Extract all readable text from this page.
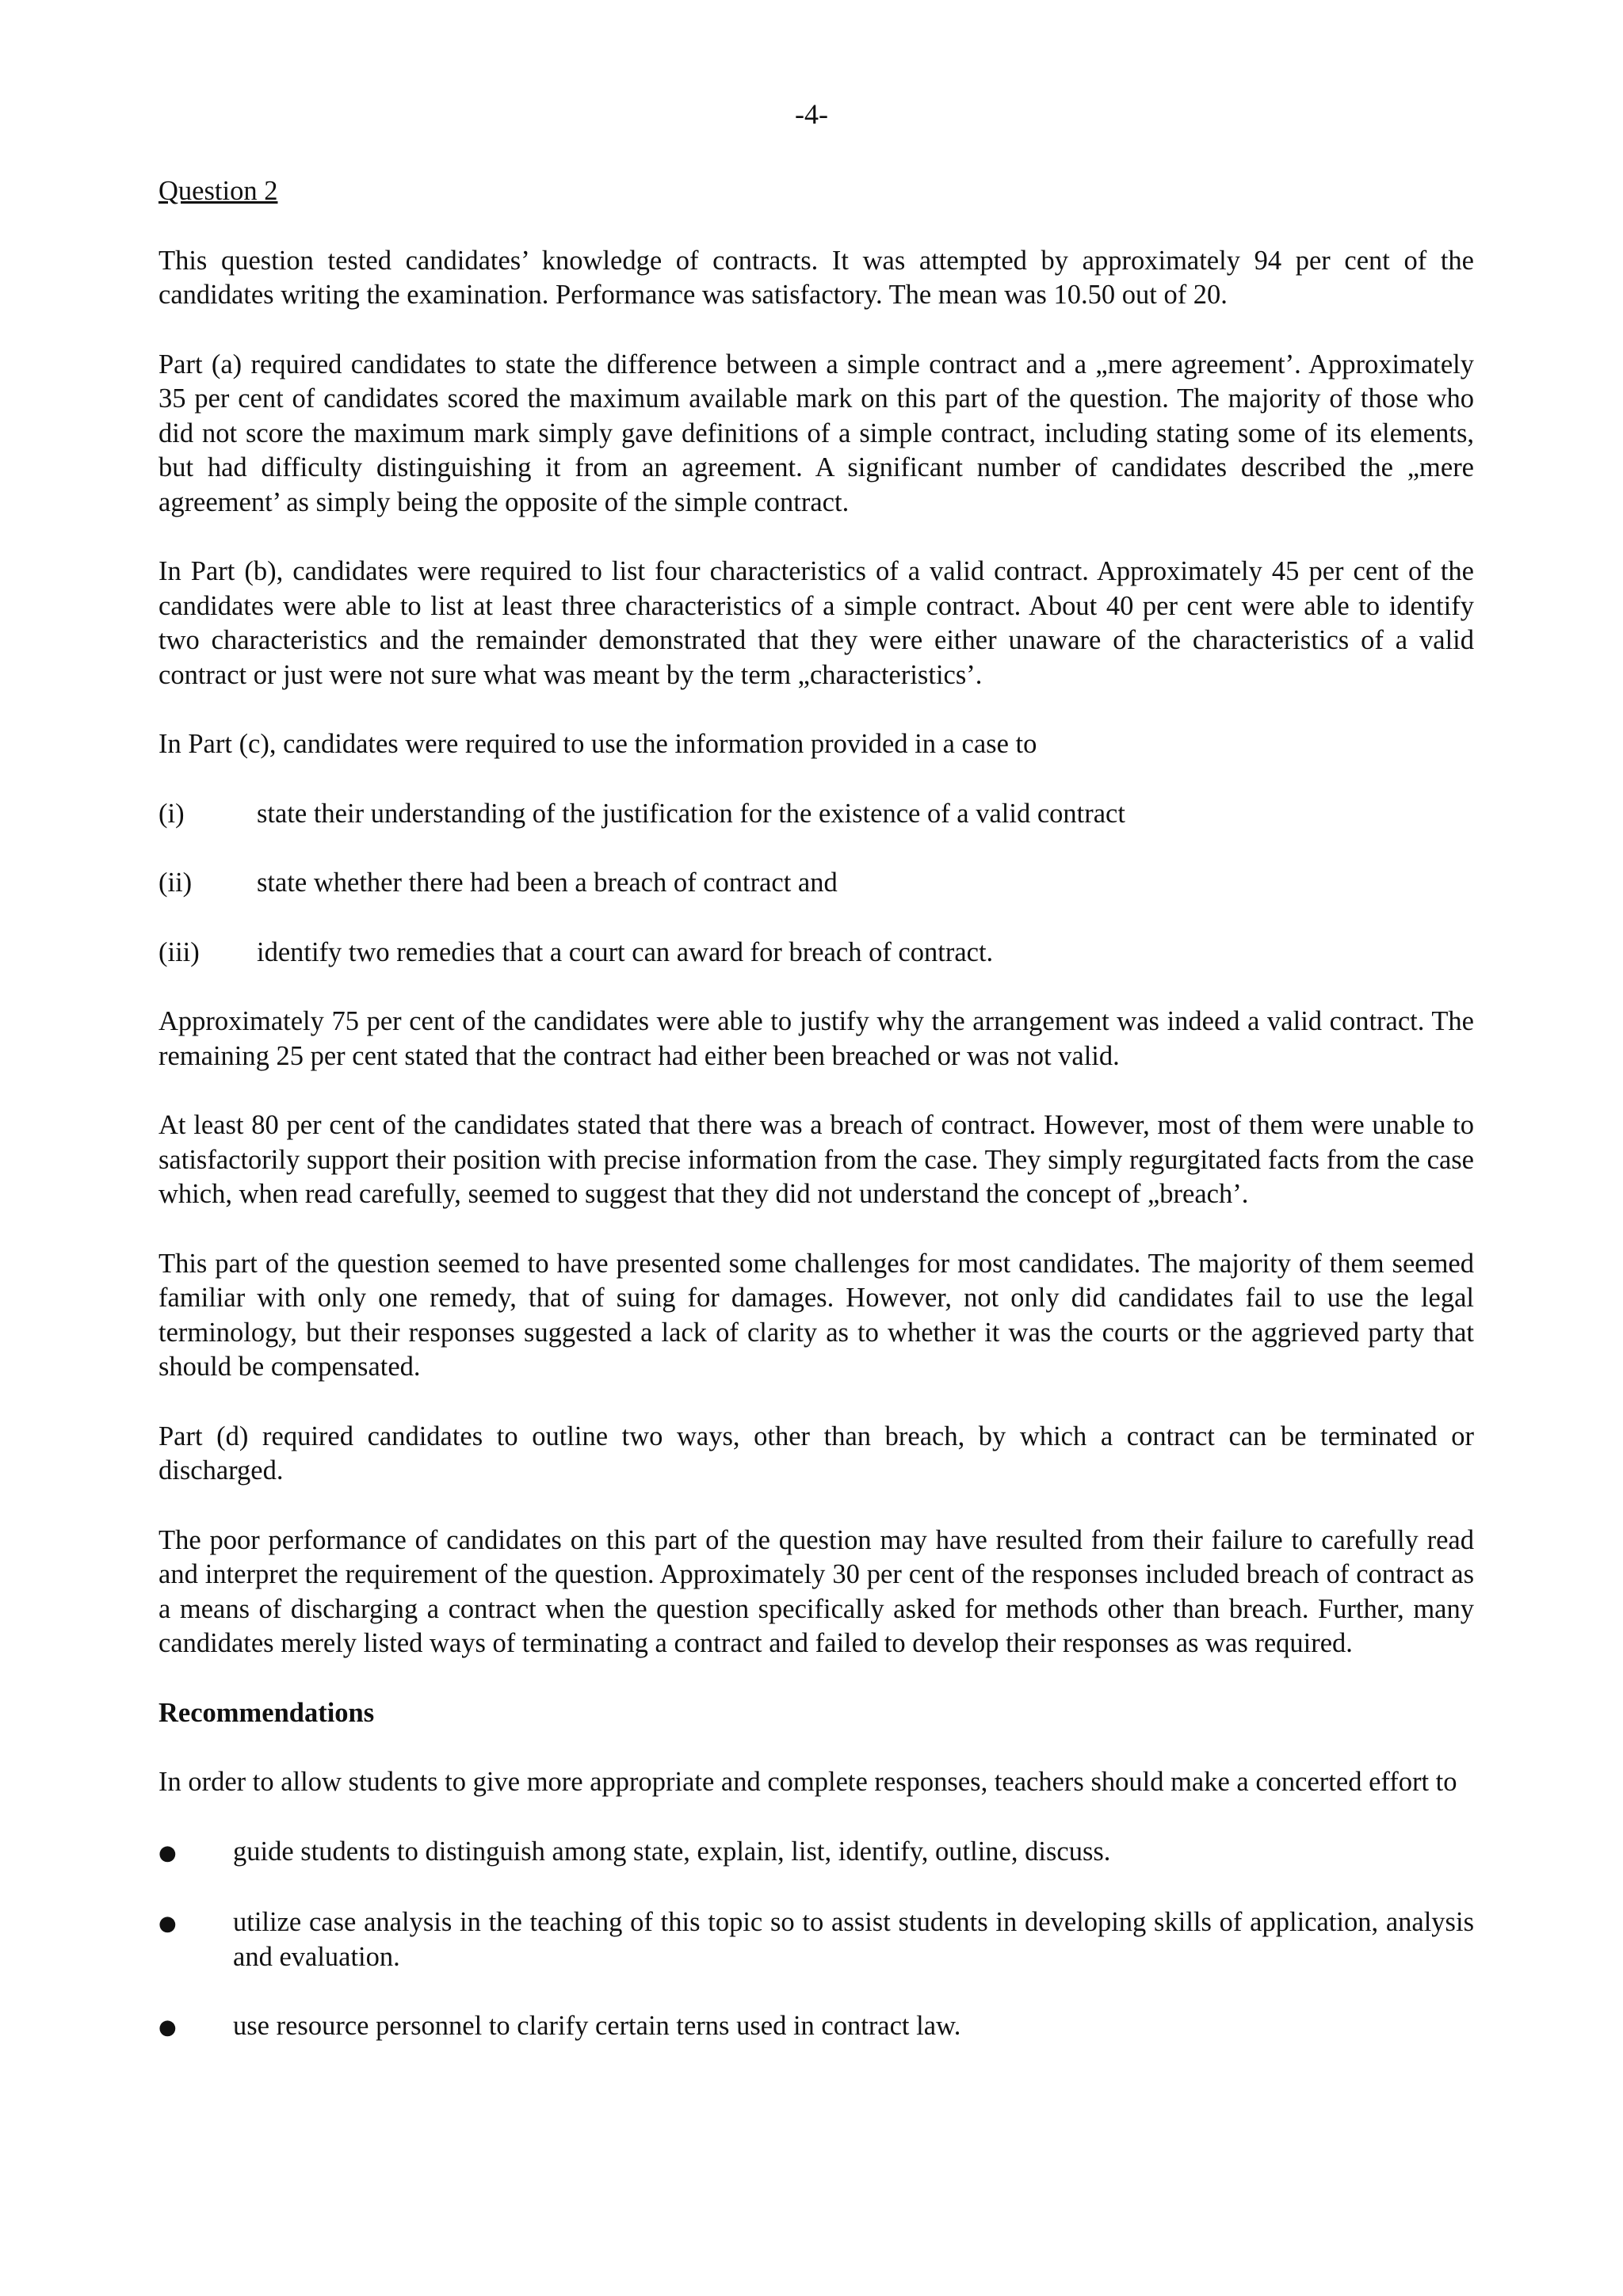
-4-
Question 2

This question tested candidates’ knowledge of contracts. It was attempted by approximately 94 per cent of the candidates writing the examination. Performance was satisfactory. The mean was 10.50 out of 20.

Part (a) required candidates to state the difference between a simple contract and a „mere agreement’. Approximately 35 per cent of candidates scored the maximum available mark on this part of the question. The majority of those who did not score the maximum mark simply gave definitions of a simple contract, including stating some of its elements, but had difficulty distinguishing it from an agreement. A significant number of candidates described the „mere agreement’ as simply being the opposite of the simple contract.

In Part (b), candidates were required to list four characteristics of a valid contract. Approximately 45 per cent of the candidates were able to list at least three characteristics of a simple contract. About 40 per cent were able to identify two characteristics and the remainder demonstrated that they were either unaware of the characteristics of a valid contract or just were not sure what was meant by the term „characteristics’.

In Part (c), candidates were required to use the information provided in a case to

(i)	state their understanding of the justification for the existence of a valid contract
(ii)	state whether there had been a breach of contract and
(iii)	identify two remedies that a court can award for breach of contract.

Approximately 75 per cent of the candidates were able to justify why the arrangement was indeed a valid contract. The remaining 25 per cent stated that the contract had either been breached or was not valid.

At least 80 per cent of the candidates stated that there was a breach of contract. However, most of them were unable to satisfactorily support their position with precise information from the case. They simply regurgitated facts from the case which, when read carefully, seemed to suggest that they did not understand the concept of „breach’.

This part of the question seemed to have presented some challenges for most candidates. The majority of them seemed familiar with only one remedy, that of suing for damages. However, not only did candidates fail to use the legal terminology, but their responses suggested a lack of clarity as to whether it was the courts or the aggrieved party that should be compensated.

Part (d) required candidates to outline two ways, other than breach, by which a contract can be terminated or discharged.

The poor performance of candidates on this part of the question may have resulted from their failure to carefully read and interpret the requirement of the question. Approximately 30 per cent of the responses included breach of contract as a means of discharging a contract when the question specifically asked for methods other than breach. Further, many candidates merely listed ways of terminating a contract and failed to develop their responses as was required.

Recommendations

In order to allow students to give more appropriate and complete responses, teachers should make a concerted effort to

●	guide students to distinguish among state, explain, list, identify, outline, discuss.
●	utilize case analysis in the teaching of this topic so to assist students in developing skills of application, analysis and evaluation.
●	use resource personnel to clarify certain terns used in contract law.
